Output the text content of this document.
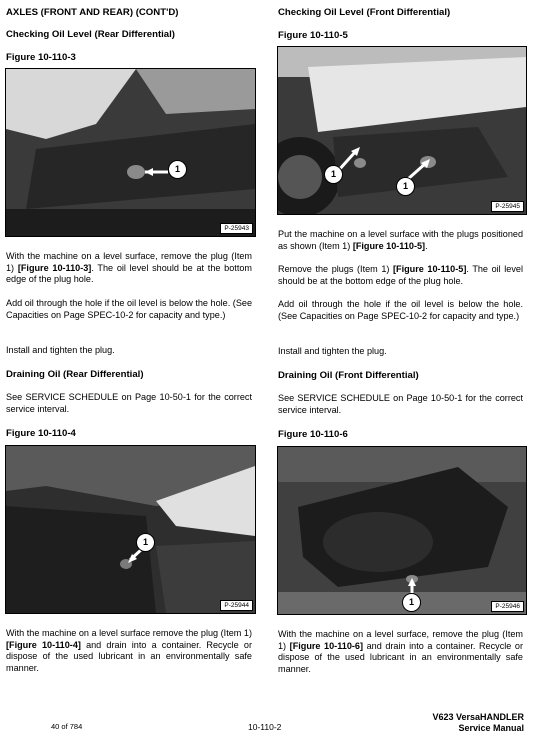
AXLES (FRONT AND REAR) (CONT'D)
Checking Oil Level (Rear Differential)
Figure 10-110-3
1
P-25943

With the machine on a level surface, remove the plug (Item 1) [Figure 10-110-3]. The oil level should be at the bottom edge of the plug hole.

Add oil through the hole if the oil level is below the hole. (See Capacities on Page SPEC-10-2 for capacity and type.)

Install and tighten the plug.

Draining Oil (Rear Differential)

See SERVICE SCHEDULE on Page 10-50-1 for the correct service interval.

Figure 10-110-4
1
P-25944

With the machine on a level surface remove the plug (Item 1) [Figure 10-110-4] and drain into a container. Recycle or dispose of the used lubricant in an environmentally safe manner.

Checking Oil Level (Front Differential)
Figure 10-110-5
1
1
P-25945

Put the machine on a level surface with the plugs positioned as shown (Item 1) [Figure 10-110-5].

Remove the plugs (Item 1) [Figure 10-110-5]. The oil level should be at the bottom edge of the plug hole.

Add oil through the hole if the oil level is below the hole. (See Capacities on Page SPEC-10-2 for capacity and type.)

Install and tighten the plug.

Draining Oil (Front Differential)

See SERVICE SCHEDULE on Page 10-50-1 for the correct service interval.

Figure 10-110-6
1	P-25946

With the machine on a level surface, remove the plug (Item 1) [Figure 10-110-6] and drain into a container. Recycle or dispose of the used lubricant in an environmentally safe manner.

40 of 784	10-110-2
V623 VersaHANDLER
Service Manual
